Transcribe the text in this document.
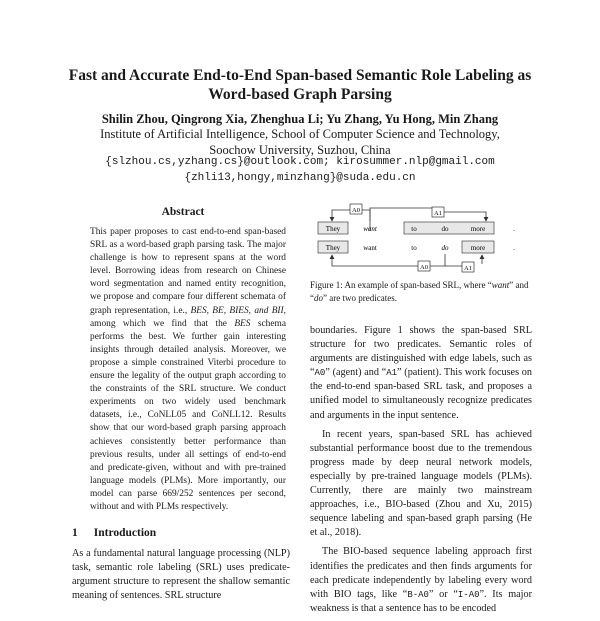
Fast and Accurate End-to-End Span-based Semantic Role Labeling as
Word-based Graph Parsing
Shilin Zhou, Qingrong Xia, Zhenghua Li; Yu Zhang, Yu Hong, Min Zhang
Institute of Artificial Intelligence, School of Computer Science and Technology,
Soochow University, Suzhou, China
{slzhou.cs,yzhang.cs}@outlook.com; kirosummer.nlp@gmail.com
{zhli13,hongy,minzhang}@suda.edu.cn
Abstract

This paper proposes to cast end-to-end span-based SRL as a word-based graph parsing task. The major challenge is how to represent spans at the word level. Borrowing ideas from research on Chinese word segmentation and named entity recognition, we propose and compare four different schemata of graph representation, i.e., BES, BE, BIES, and BII, among which we find that the BES schema performs the best. We further gain interesting insights through detailed analysis. Moreover, we propose a simple constrained Viterbi procedure to ensure the legality of the output graph according to the constraints of the SRL structure. We conduct experiments on two widely used benchmark datasets, i.e., CoNLL05 and CoNLL12. Results show that our word-based graph parsing approach achieves consistently better performance than previous results, under all settings of end-to-end and predicate-given, without and with pre-trained language models (PLMs). More importantly, our model can parse 669/252 sentences per second, without and with PLMs respectively.

1 Introduction

As a fundamental natural language processing (NLP) task, semantic role labeling (SRL) uses predicate-argument structure to represent the shallow semantic meaning of sentences. SRL structure

A0	A1
They	want	to	do	more	.
They	want	to	do	more	.
A0	A1
Figure 1: An example of span-based SRL, where “want” and “do” are two predicates.

boundaries. Figure 1 shows the span-based SRL structure for two predicates. Semantic roles of arguments are distinguished with edge labels, such as “A0” (agent) and “A1” (patient). This work focuses on the end-to-end span-based SRL task, and proposes a unified model to simultaneously recognize predicates and arguments in the input sentence.

In recent years, span-based SRL has achieved substantial performance boost due to the tremendous progress made by deep neural network models, especially by pre-trained language models (PLMs). Currently, there are mainly two mainstream approaches, i.e., BIO-based (Zhou and Xu, 2015) sequence labeling and span-based graph parsing (He et al., 2018).

The BIO-based sequence labeling approach first identifies the predicates and then finds arguments for each predicate independently by labeling every word with BIO tags, like “B-A0” or “I-A0”. Its major weakness is that a sentence has to be encoded
